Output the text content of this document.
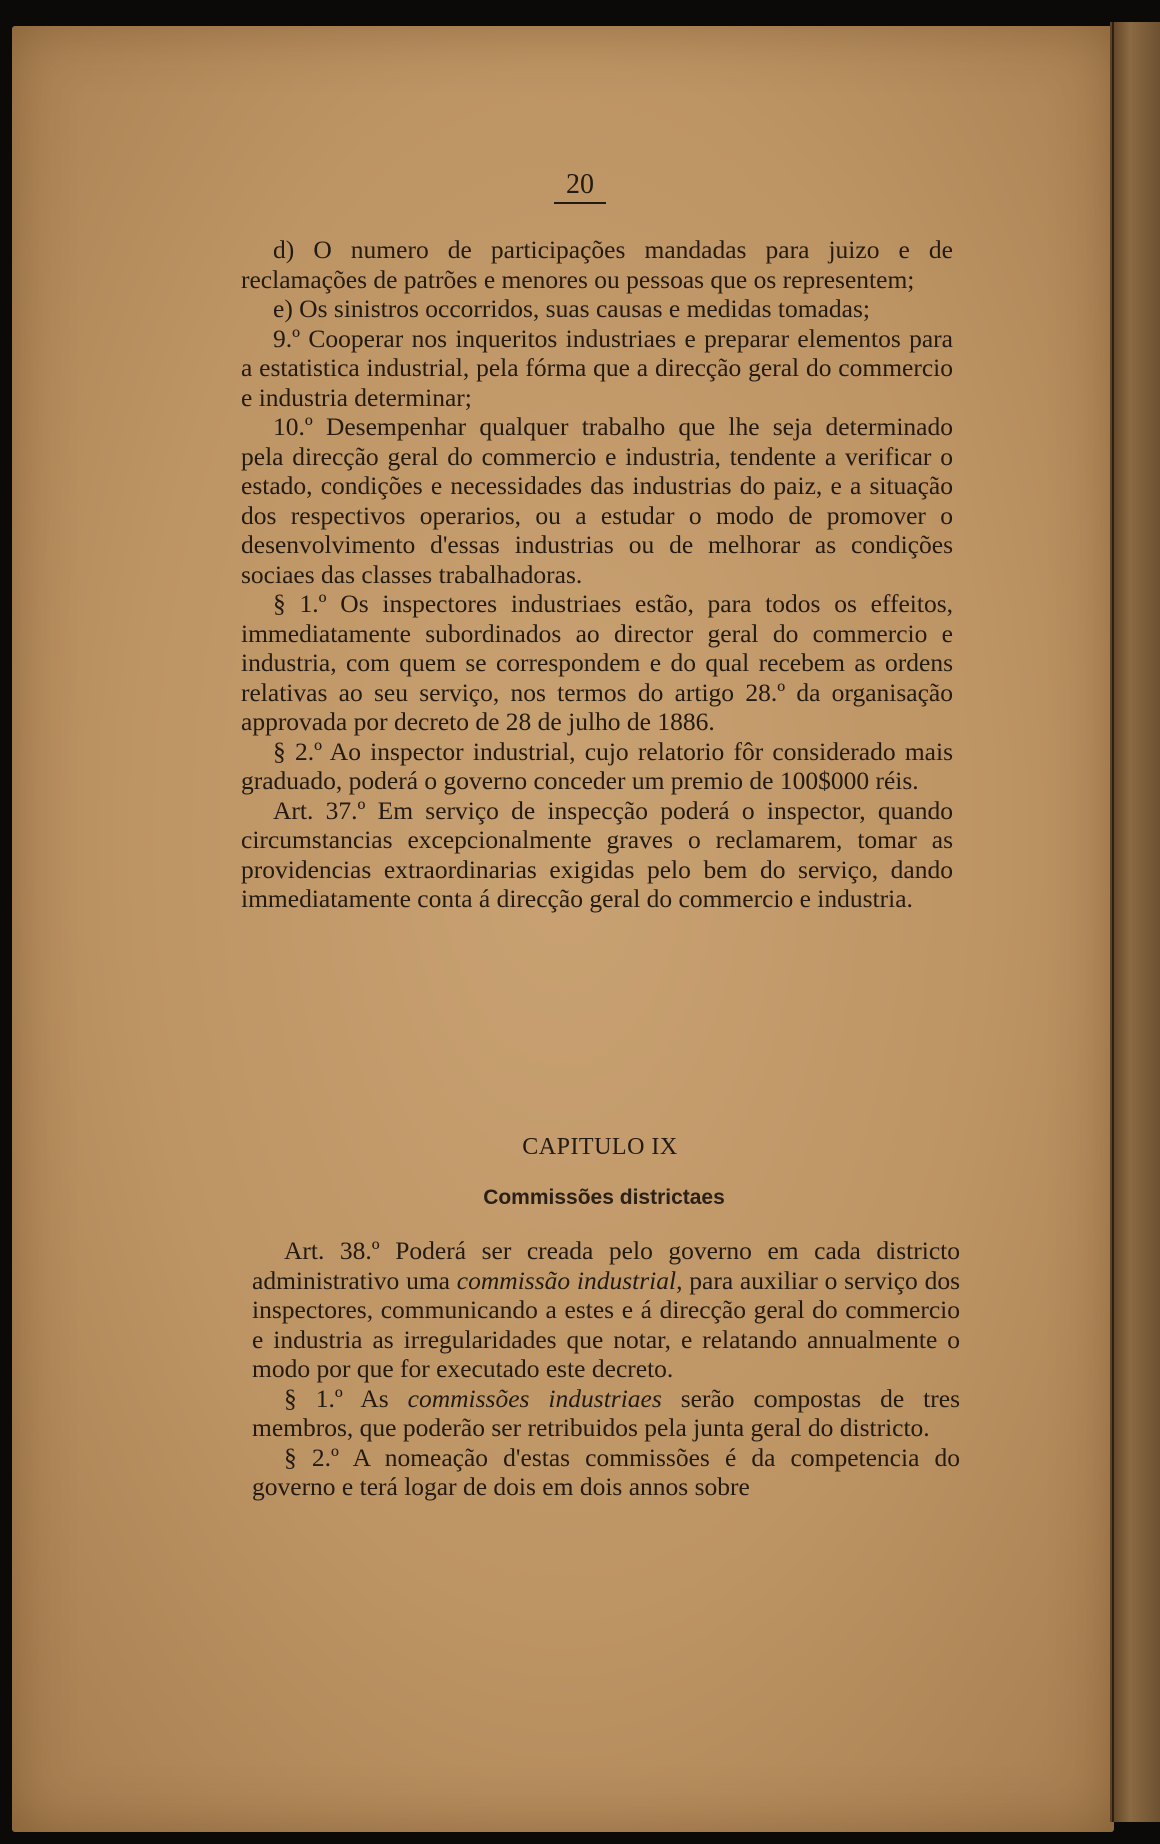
20

d) O numero de participações mandadas para juizo e de reclamações de patrões e menores ou pessoas que os representem;

e) Os sinistros occorridos, suas causas e medidas tomadas;

9.º Cooperar nos inqueritos industriaes e preparar elementos para a estatistica industrial, pela fórma que a direcção geral do commercio e industria determinar;

10.º Desempenhar qualquer trabalho que lhe seja determinado pela direcção geral do commercio e industria, tendente a verificar o estado, condições e necessidades das industrias do paiz, e a situação dos respectivos operarios, ou a estudar o modo de promover o desenvolvimento d'essas industrias ou de melhorar as condições sociaes das classes trabalhadoras.

§ 1.º Os inspectores industriaes estão, para todos os effeitos, immediatamente subordinados ao director geral do commercio e industria, com quem se correspondem e do qual recebem as ordens relativas ao seu serviço, nos termos do artigo 28.º da organisação approvada por decreto de 28 de julho de 1886.

§ 2.º Ao inspector industrial, cujo relatorio fôr considerado mais graduado, poderá o governo conceder um premio de 100$000 réis.

Art. 37.º Em serviço de inspecção poderá o inspector, quando circumstancias excepcionalmente graves o reclamarem, tomar as providencias extraordinarias exigidas pelo bem do serviço, dando immediatamente conta á direcção geral do commercio e industria.

CAPITULO IX
Commissões districtaes

Art. 38.º Poderá ser creada pelo governo em cada districto administrativo uma commissão industrial, para auxiliar o serviço dos inspectores, communicando a estes e á direcção geral do commercio e industria as irregularidades que notar, e relatando annualmente o modo por que for executado este decreto.

§ 1.º As commissões industriaes serão compostas de tres membros, que poderão ser retribuidos pela junta geral do districto.

§ 2.º A nomeação d'estas commissões é da competencia do governo e terá logar de dois em dois annos sobre
